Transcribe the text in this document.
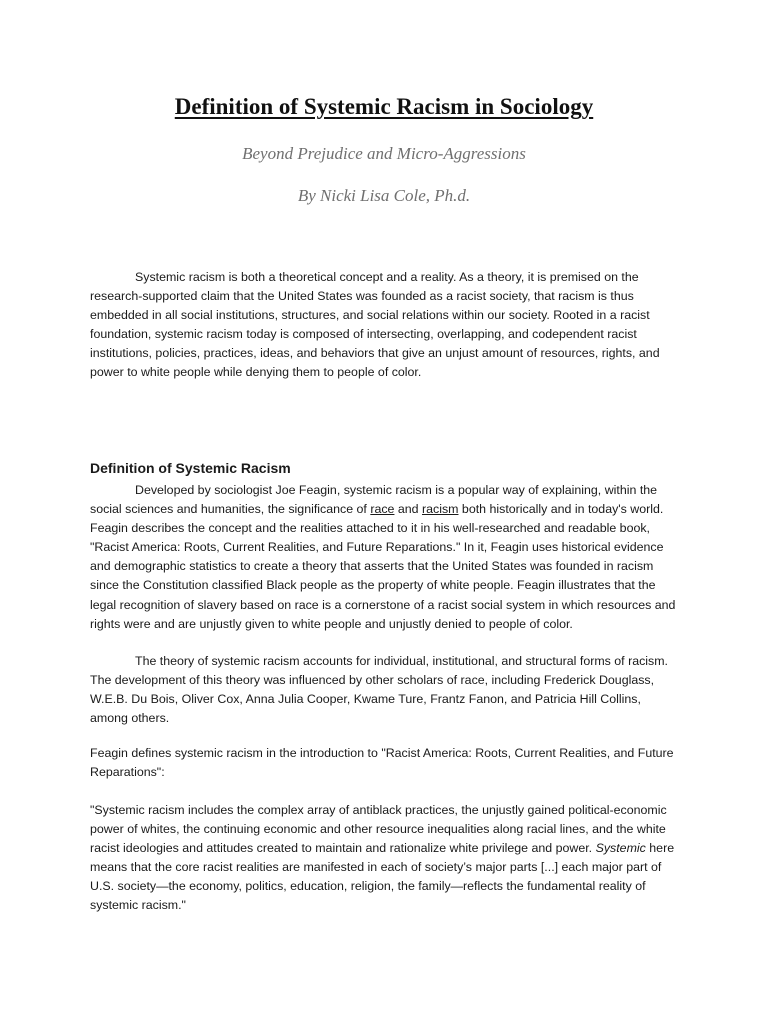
Definition of Systemic Racism in Sociology
Beyond Prejudice and Micro-Aggressions
By Nicki Lisa Cole, Ph.d.

Systemic racism is both a theoretical concept and a reality. As a theory, it is premised on the research-supported claim that the United States was founded as a racist society, that racism is thus embedded in all social institutions, structures, and social relations within our society. Rooted in a racist foundation, systemic racism today is composed of intersecting, overlapping, and codependent racist institutions, policies, practices, ideas, and behaviors that give an unjust amount of resources, rights, and power to white people while denying them to people of color.

Definition of Systemic Racism

Developed by sociologist Joe Feagin, systemic racism is a popular way of explaining, within the social sciences and humanities, the significance of race and racism both historically and in today's world. Feagin describes the concept and the realities attached to it in his well-researched and readable book, "Racist America: Roots, Current Realities, and Future Reparations." In it, Feagin uses historical evidence and demographic statistics to create a theory that asserts that the United States was founded in racism since the Constitution classified Black people as the property of white people. Feagin illustrates that the legal recognition of slavery based on race is a cornerstone of a racist social system in which resources and rights were and are unjustly given to white people and unjustly denied to people of color.

The theory of systemic racism accounts for individual, institutional, and structural forms of racism. The development of this theory was influenced by other scholars of race, including Frederick Douglass, W.E.B. Du Bois, Oliver Cox, Anna Julia Cooper, Kwame Ture, Frantz Fanon, and Patricia Hill Collins, among others.

Feagin defines systemic racism in the introduction to "Racist America: Roots, Current Realities, and Future Reparations":

"Systemic racism includes the complex array of antiblack practices, the unjustly gained political-economic power of whites, the continuing economic and other resource inequalities along racial lines, and the white racist ideologies and attitudes created to maintain and rationalize white privilege and power. Systemic here means that the core racist realities are manifested in each of society’s major parts [...] each major part of U.S. society—the economy, politics, education, religion, the family—reflects the fundamental reality of systemic racism."
